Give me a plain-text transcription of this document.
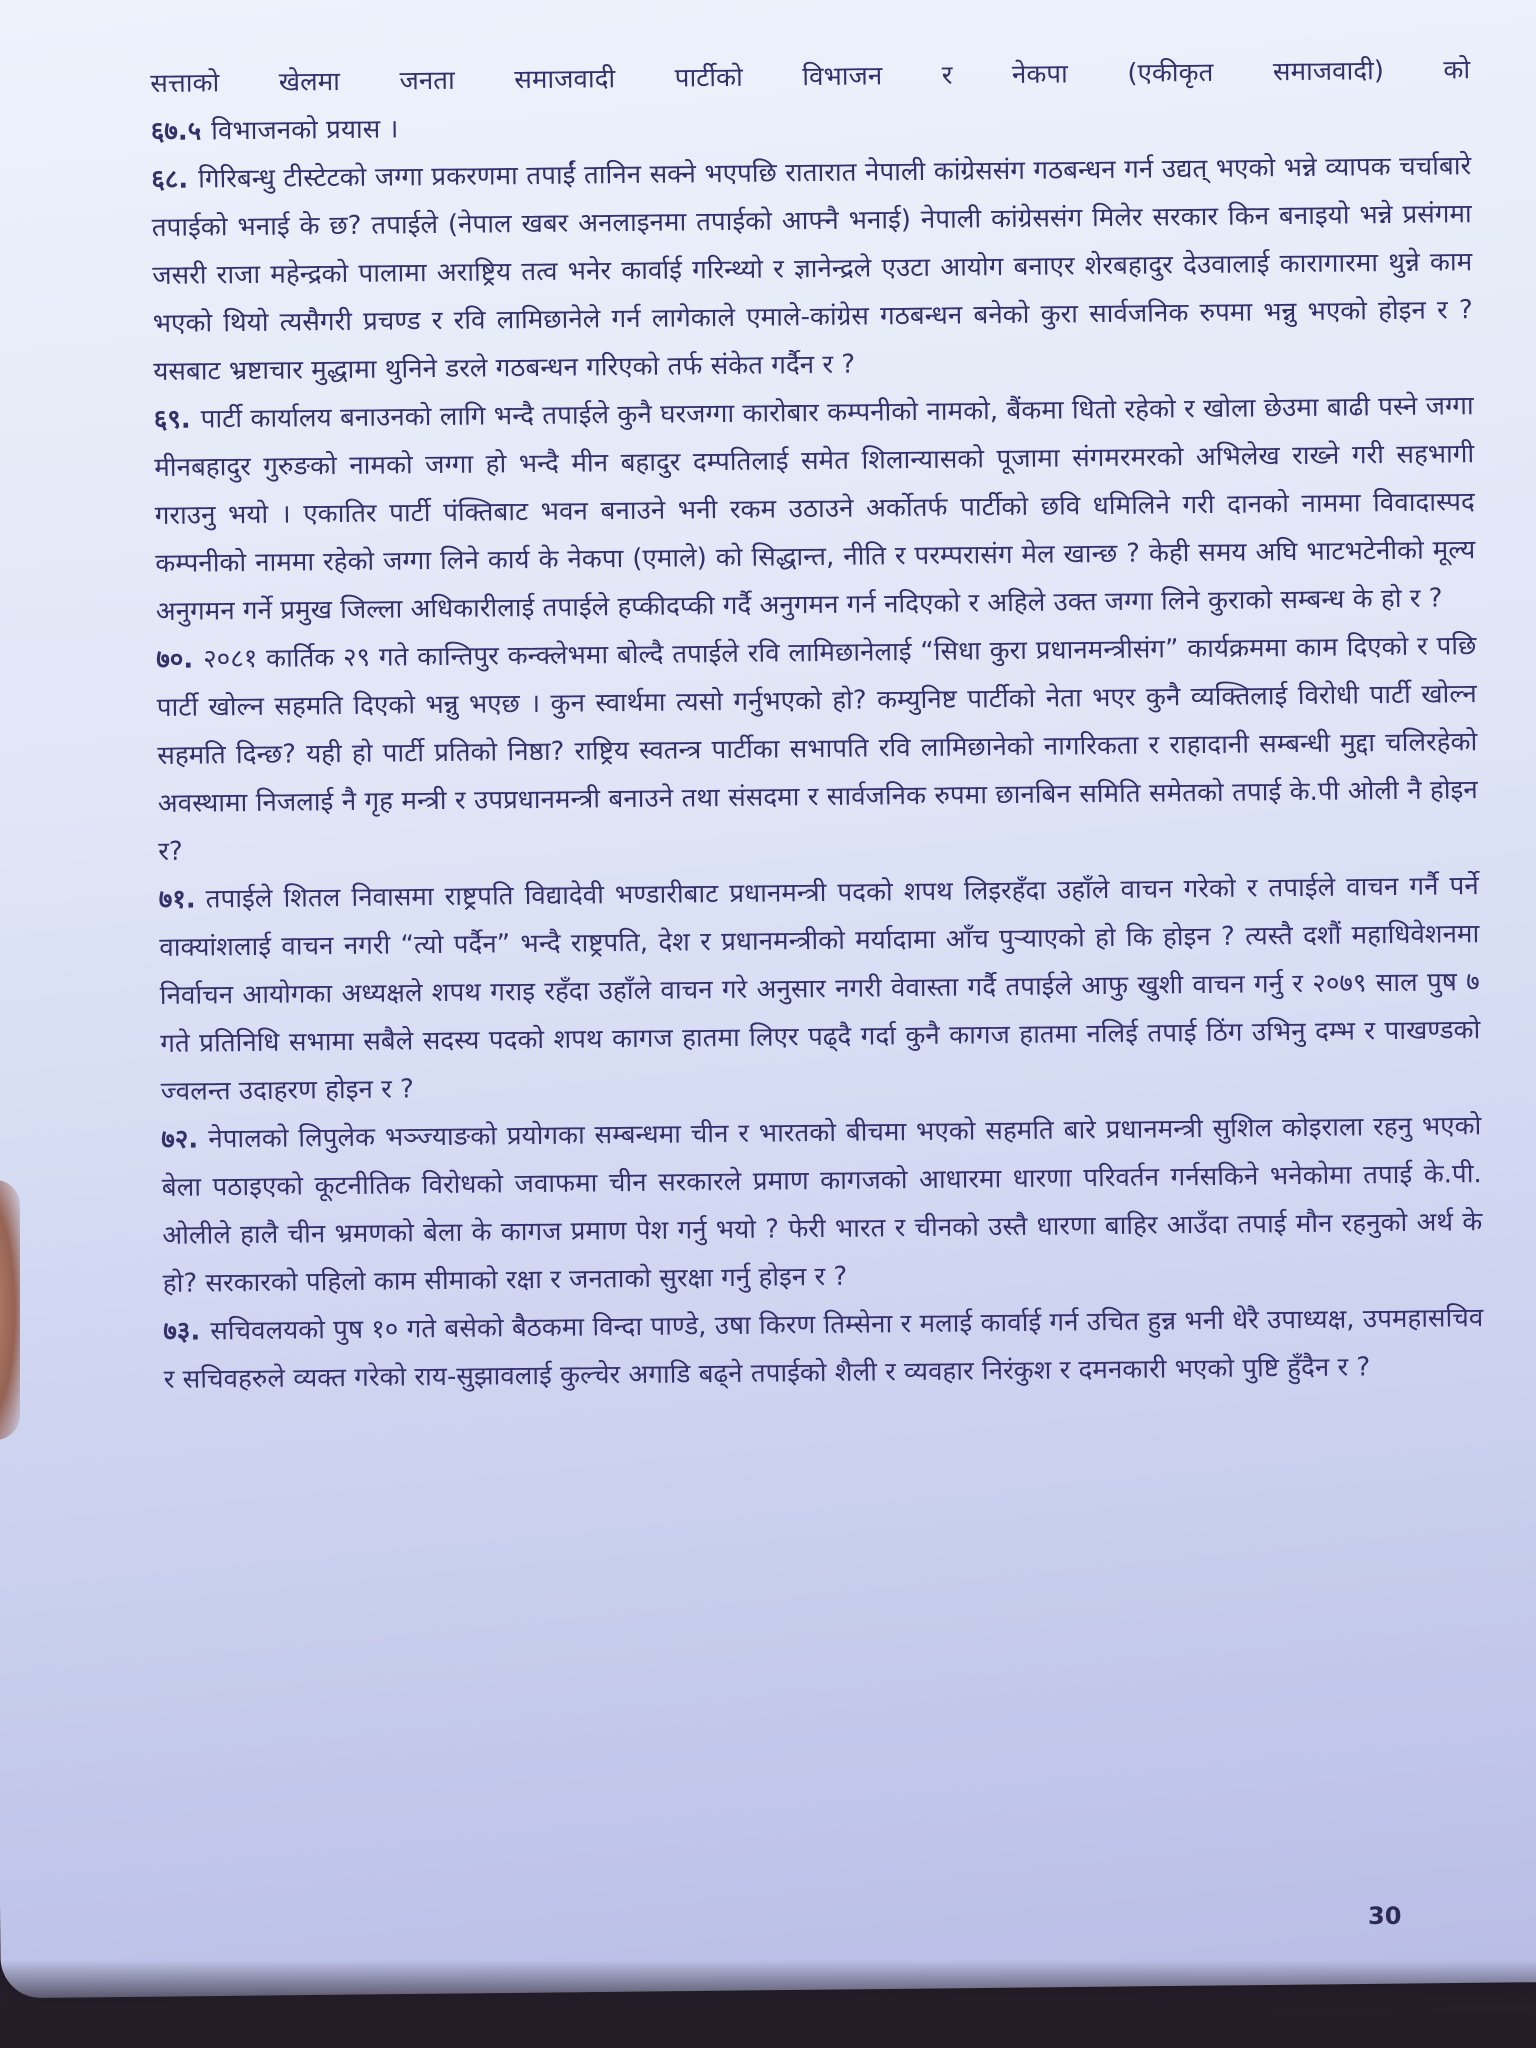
सत्ताको खेलमा जनता समाजवादी पार्टीको विभाजन र नेकपा (एकीकृत समाजवादी) को

६७.५ विभाजनको प्रयास ।

६८. गिरिबन्धु टीस्टेटको जग्गा प्रकरणमा तपाईं तानिन सक्ने भएपछि रातारात नेपाली कांग्रेससंग गठबन्धन गर्न उद्यत् भएको भन्ने व्यापक चर्चाबारे तपाईको भनाई के छ? तपाईले (नेपाल खबर अनलाइनमा तपाईको आफ्नै भनाई) नेपाली कांग्रेससंग मिलेर सरकार किन बनाइयो भन्ने प्रसंगमा जसरी राजा महेन्द्रको पालामा अराष्ट्रिय तत्व भनेर कार्वाई गरिन्थ्यो र ज्ञानेन्द्रले एउटा आयोग बनाएर शेरबहादुर देउवालाई कारागारमा थुन्ने काम भएको थियो त्यसैगरी प्रचण्ड र रवि लामिछानेले गर्न लागेकाले एमाले-कांग्रेस गठबन्धन बनेको कुरा सार्वजनिक रुपमा भन्नु भएको होइन र ? यसबाट भ्रष्टाचार मुद्धामा थुनिने डरले गठबन्धन गरिएको तर्फ संकेत गर्दैन र ?

६९. पार्टी कार्यालय बनाउनको लागि भन्दै तपाईले कुनै घरजग्गा कारोबार कम्पनीको नामको, बैंकमा धितो रहेको र खोला छेउमा बाढी पस्ने जग्गा मीनबहादुर गुरुङको नामको जग्गा हो भन्दै मीन बहादुर दम्पतिलाई समेत शिलान्यासको पूजामा संगमरमरको अभिलेख राख्ने गरी सहभागी गराउनु भयो । एकातिर पार्टी पंक्तिबाट भवन बनाउने भनी रकम उठाउने अर्कोतर्फ पार्टीको छवि धमिलिने गरी दानको नाममा विवादास्पद कम्पनीको नाममा रहेको जग्गा लिने कार्य के नेकपा (एमाले) को सिद्धान्त, नीति र परम्परासंग मेल खान्छ ? केही समय अघि भाटभटेनीको मूल्य अनुगमन गर्ने प्रमुख जिल्ला अधिकारीलाई तपाईले हप्कीदप्की गर्दै अनुगमन गर्न नदिएको र अहिले उक्त जग्गा लिने कुराको सम्बन्ध के हो र ?

७०. २०८१ कार्तिक २९ गते कान्तिपुर कन्क्लेभमा बोल्दै तपाईले रवि लामिछानेलाई “सिधा कुरा प्रधानमन्त्रीसंग” कार्यक्रममा काम दिएको र पछि पार्टी खोल्न सहमति दिएको भन्नु भएछ । कुन स्वार्थमा त्यसो गर्नुभएको हो? कम्युनिष्ट पार्टीको नेता भएर कुनै व्यक्तिलाई विरोधी पार्टी खोल्न सहमति दिन्छ? यही हो पार्टी प्रतिको निष्ठा? राष्ट्रिय स्वतन्त्र पार्टीका सभापति रवि लामिछानेको नागरिकता र राहादानी सम्बन्धी मुद्दा चलिरहेको अवस्थामा निजलाई नै गृह मन्त्री र उपप्रधानमन्त्री बनाउने तथा संसदमा र सार्वजनिक रुपमा छानबिन समिति समेतको तपाई के.पी ओली नै होइन र?

७१. तपाईले शितल निवासमा राष्ट्रपति विद्यादेवी भण्डारीबाट प्रधानमन्त्री पदको शपथ लिइरहँदा उहाँले वाचन गरेको र तपाईले वाचन गर्नै पर्ने वाक्यांशलाई वाचन नगरी “त्यो पर्दैन” भन्दै राष्ट्रपति, देश र प्रधानमन्त्रीको मर्यादामा आँच पुऱ्याएको हो कि होइन ? त्यस्तै दशौं महाधिवेशनमा निर्वाचन आयोगका अध्यक्षले शपथ गराइ रहँदा उहाँले वाचन गरे अनुसार नगरी वेवास्ता गर्दै तपाईले आफु खुशी वाचन गर्नु र २०७९ साल पुष ७ गते प्रतिनिधि सभामा सबैले सदस्य पदको शपथ कागज हातमा लिएर पढ्दै गर्दा कुनै कागज हातमा नलिई तपाई ठिंग उभिनु दम्भ र पाखण्डको ज्वलन्त उदाहरण होइन र ?

७२. नेपालको लिपुलेक भञ्ज्याङको प्रयोगका सम्बन्धमा चीन र भारतको बीचमा भएको सहमति बारे प्रधानमन्त्री सुशिल कोइराला रहनु भएको बेला पठाइएको कूटनीतिक विरोधको जवाफमा चीन सरकारले प्रमाण कागजको आधारमा धारणा परिवर्तन गर्नसकिने भनेकोमा तपाई के.पी. ओलीले हालै चीन भ्रमणको बेला के कागज प्रमाण पेश गर्नु भयो ? फेरी भारत र चीनको उस्तै धारणा बाहिर आउँदा तपाई मौन रहनुको अर्थ के हो? सरकारको पहिलो काम सीमाको रक्षा र जनताको सुरक्षा गर्नु होइन र ?

७३. सचिवलयको पुष १० गते बसेको बैठकमा विन्दा पाण्डे, उषा किरण तिम्सेना र मलाई कार्वाई गर्न उचित हुन्न भनी धेरै उपाध्यक्ष, उपमहासचिव र सचिवहरुले व्यक्त गरेको राय-सुझावलाई कुल्चेर अगाडि बढ्ने तपाईको शैली र व्यवहार निरंकुश र दमनकारी भएको पुष्टि हुँदैन र ?

30
